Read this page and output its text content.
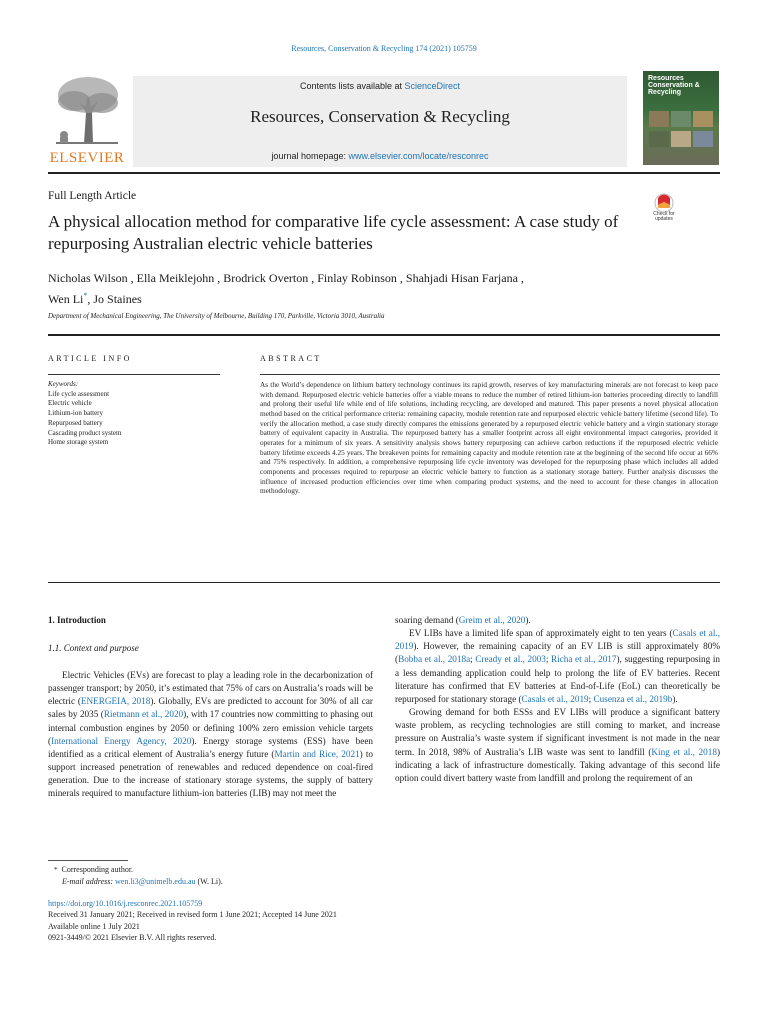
Resources, Conservation & Recycling 174 (2021) 105759
ELSEVIER
Contents lists available at ScienceDirect
Resources, Conservation & Recycling
journal homepage: www.elsevier.com/locate/resconrec
Resources Conservation & Recycling
Full Length Article
Check for updates
A physical allocation method for comparative life cycle assessment: A case study of repurposing Australian electric vehicle batteries
Nicholas Wilson , Ella Meiklejohn , Brodrick Overton , Finlay Robinson , Shahjadi Hisan Farjana ,
Wen Li*, Jo Staines
Department of Mechanical Engineering, The University of Melbourne, Building 170, Parkville, Victoria 3010, Australia
ARTICLE INFO
Keywords:
Life cycle assessment
Electric vehicle
Lithium-ion battery
Repurposed battery
Cascading product system
Home storage system
ABSTRACT
As the World’s dependence on lithium battery technology continues its rapid growth, reserves of key manufacturing minerals are not forecast to keep pace with demand. Repurposed electric vehicle batteries offer a viable means to reduce the number of retired lithium-ion batteries proceeding directly to landfill and prolong their useful life while end of life solutions, including recycling, are developed and matured. This paper presents a novel physical allocation method based on the critical performance criteria: remaining capacity, module retention rate and repurposed electric vehicle battery lifetime (second life). To verify the allocation method, a case study directly compares the emissions generated by a repurposed electric vehicle battery and a virgin stationary storage battery of equivalent capacity in Australia. The repurposed battery has a smaller footprint across all eight environmental impact categories, provided it operates for a minimum of six years. A sensitivity analysis shows battery repurposing can achieve carbon reductions if the repurposed electric vehicle battery lifetime exceeds 4.25 years. The breakeven points for remaining capacity and module retention rate at the beginning of the second life occur at 66% and 75% respectively. In addition, a comprehensive repurposing life cycle inventory was developed for the repurposing phase which includes all added components and processes required to repurpose an electric vehicle battery to function as a stationary storage battery. Further analysis discusses the influence of increased production efficiencies over time when comparing product systems, and the need to account for these changes in allocation methodology.
1. Introduction
1.1. Context and purpose

Electric Vehicles (EVs) are forecast to play a leading role in the decarbonization of passenger transport; by 2050, it’s estimated that 75% of cars on Australia’s roads will be electric (ENERGEIA, 2018). Globally, EVs are predicted to account for 30% of all car sales by 2035 (Rietmann et al., 2020), with 17 countries now committing to phasing out internal combustion engines by 2050 or defining 100% zero emission vehicle targets (International Energy Agency, 2020). Energy storage systems (ESS) have been identified as a critical element of Australia’s energy future (Martin and Rice, 2021) to support increased penetration of renewables and reduced dependence on coal-fired generation. Due to the increase of stationary storage systems, the supply of battery minerals required to manufacture lithium-ion batteries (LIB) may not meet the

soaring demand (Greim et al., 2020).

EV LIBs have a limited life span of approximately eight to ten years (Casals et al., 2019). However, the remaining capacity of an EV LIB is still approximately 80% (Bobba et al., 2018a; Cready et al., 2003; Richa et al., 2017), suggesting repurposing in a less demanding application could help to prolong the life of EV batteries. Recent literature has confirmed that EV batteries at End-of-Life (EoL) can theoretically be repurposed for stationary storage (Casals et al., 2019; Cusenza et al., 2019b).

Growing demand for both ESSs and EV LIBs will produce a significant battery waste problem, as recycling technologies are still coming to market, and increase pressure on Australia’s waste system if significant investment is not made in the near term. In 2018, 98% of Australia’s LIB waste was sent to landfill (King et al., 2018) indicating a lack of infrastructure domestically. Taking advantage of this second life option could divert battery waste from landfill and prolong the requirement of an

* Corresponding author.
E-mail address: wen.li3@unimelb.edu.au (W. Li).
https://doi.org/10.1016/j.resconrec.2021.105759
Received 31 January 2021; Received in revised form 1 June 2021; Accepted 14 June 2021
Available online 1 July 2021
0921-3449/© 2021 Elsevier B.V. All rights reserved.
